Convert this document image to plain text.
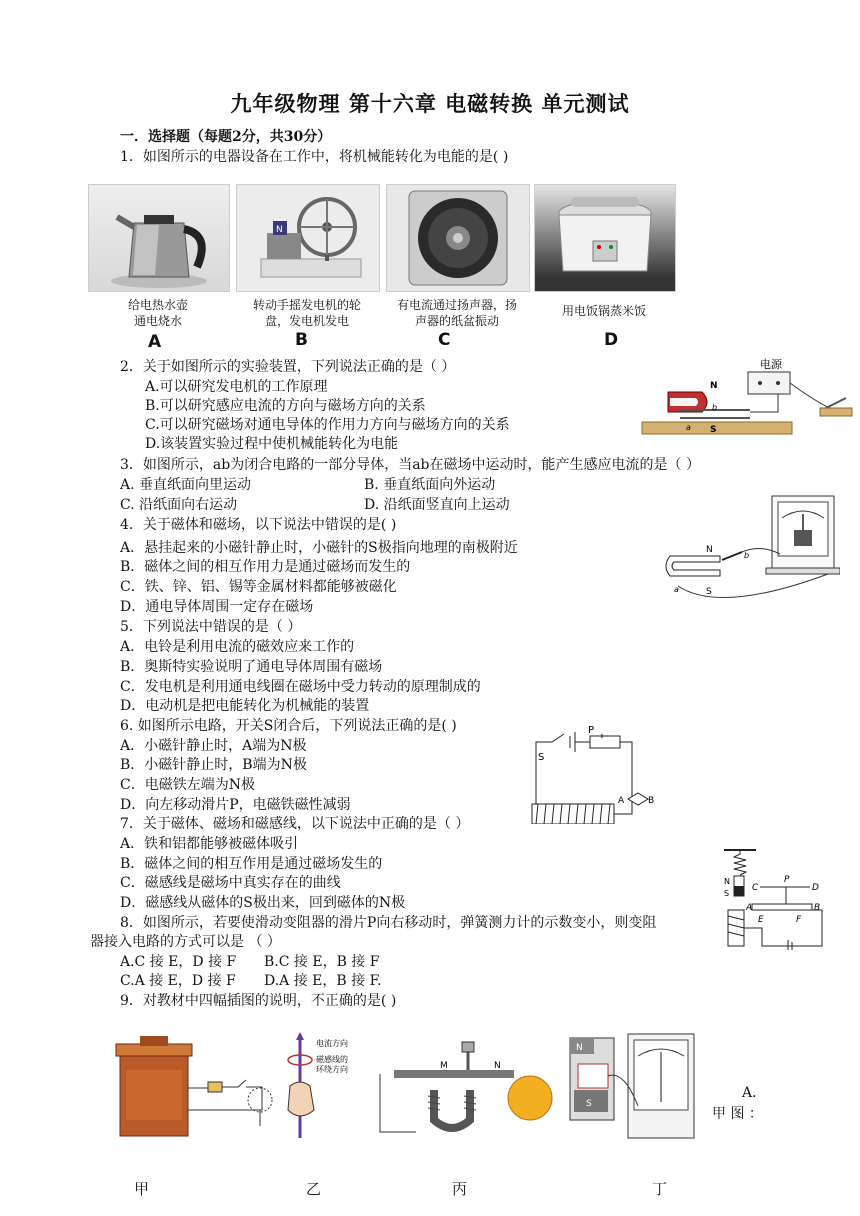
九年级物理 第十六章 电磁转换 单元测试
一．选择题（每题2分，共30分）
1．如图所示的电器设备在工作中，将机械能转化为电能的是( )
N
给电热水壶
通电烧水
转动手摇发电机的轮
盘，发电机发电
有电流通过扬声器，扬
声器的纸盆振动
用电饭锅蒸米饭
A	B	C	D
2．关于如图所示的实验装置，下列说法正确的是（ ）
A.可以研究发电机的工作原理
B.可以研究感应电流的方向与磁场方向的关系
C.可以研究磁场对通电导体的作用力方向与磁场方向的关系
D.该装置实验过程中使机械能转化为电能
电源
N
S
b
a
3．如图所示，ab为闭合电路的一部分导体，当ab在磁场中运动时，能产生感应电流的是（ ）
A. 垂直纸面向里运动	B. 垂直纸面向外运动
C. 沿纸面向右运动	D. 沿纸面竖直向上运动
N
S
b
a
4．关于磁体和磁场，以下说法中错误的是( )
A．悬挂起来的小磁针静止时，小磁针的S极指向地理的南极附近
B．磁体之间的相互作用力是通过磁场而发生的
C．铁、锌、铝、锡等金属材料都能够被磁化
D．通电导体周围一定存在磁场
5．下列说法中错误的是（ ）
A．电铃是利用电流的磁效应来工作的
B．奥斯特实验说明了通电导体周围有磁场
C．发电机是利用通电线圈在磁场中受力转动的原理制成的
D．电动机是把电能转化为机械能的装置
6. 如图所示电路，开关S闭合后，下列说法正确的是( )
A．小磁针静止时，A端为N极
B．小磁针静止时，B端为N极
C．电磁铁左端为N极
D．向左移动滑片P，电磁铁磁性减弱
S
P
A	B
7．关于磁体、磁场和磁感线，以下说法中正确的是（ ）
A．铁和铝都能够被磁体吸引
B．磁体之间的相互作用是通过磁场发生的
C．磁感线是磁场中真实存在的曲线
D．磁感线从磁体的S极出来，回到磁体的N极
N
S
C	D
P
A	B
E	F
8．如图所示，若要使滑动变阻器的滑片P向右移动时，弹簧测力计的示数变小，则变阻
器接入电路的方式可以是 （ ）
A.C 接 E，D 接 F B.C 接 E，B 接 F
C.A 接 E，D 接 F D.A 接 E，B 接 F.
9．对教材中四幅插图的说明，不正确的是( )
电流方向
磁感线的
环绕方向	M	N
N
S
A．
甲 图 ：
甲	乙	丙	丁
